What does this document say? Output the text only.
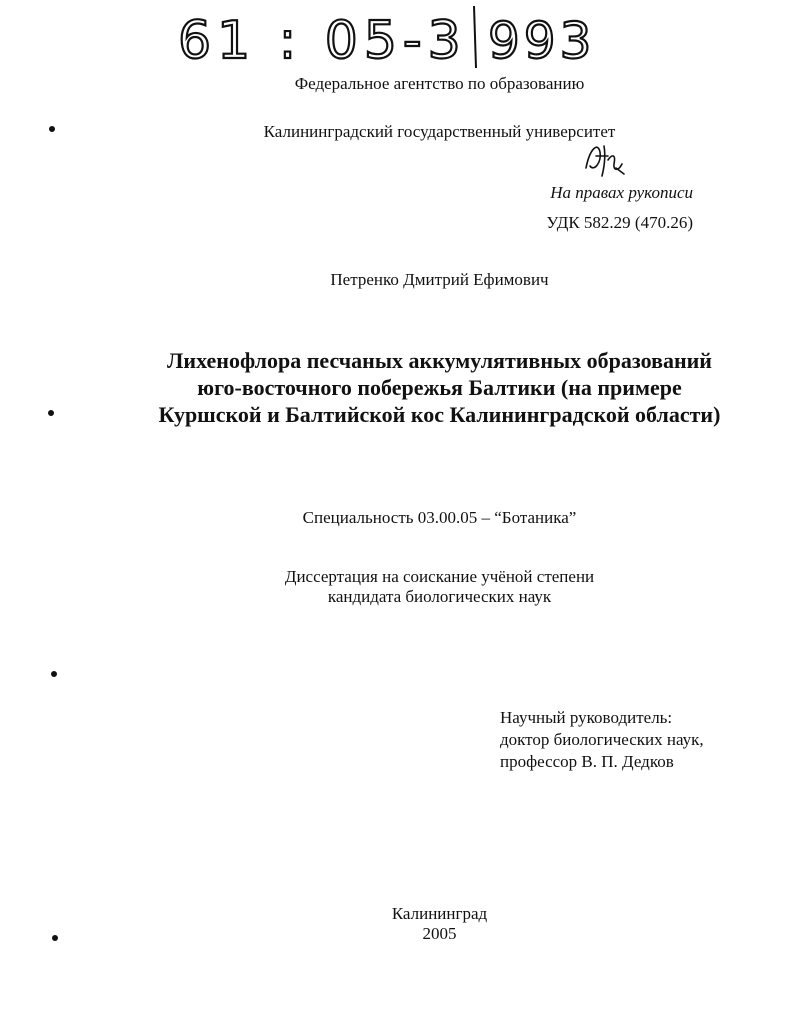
61 : 05-3 993
Федеральное агентство по образованию
Калининградский государственный университет
На правах рукописи
УДК 582.29 (470.26)
Петренко Дмитрий Ефимович
Лихенофлора песчаных аккумулятивных образований
юго-восточного побережья Балтики (на примере
Куршской и Балтийской кос Калининградской области)
Специальность 03.00.05 – “Ботаника”
Диссертация на соискание учёной степени
кандидата биологических наук
Научный руководитель:
доктор биологических наук,
профессор В. П. Дедков
Калининград
2005
